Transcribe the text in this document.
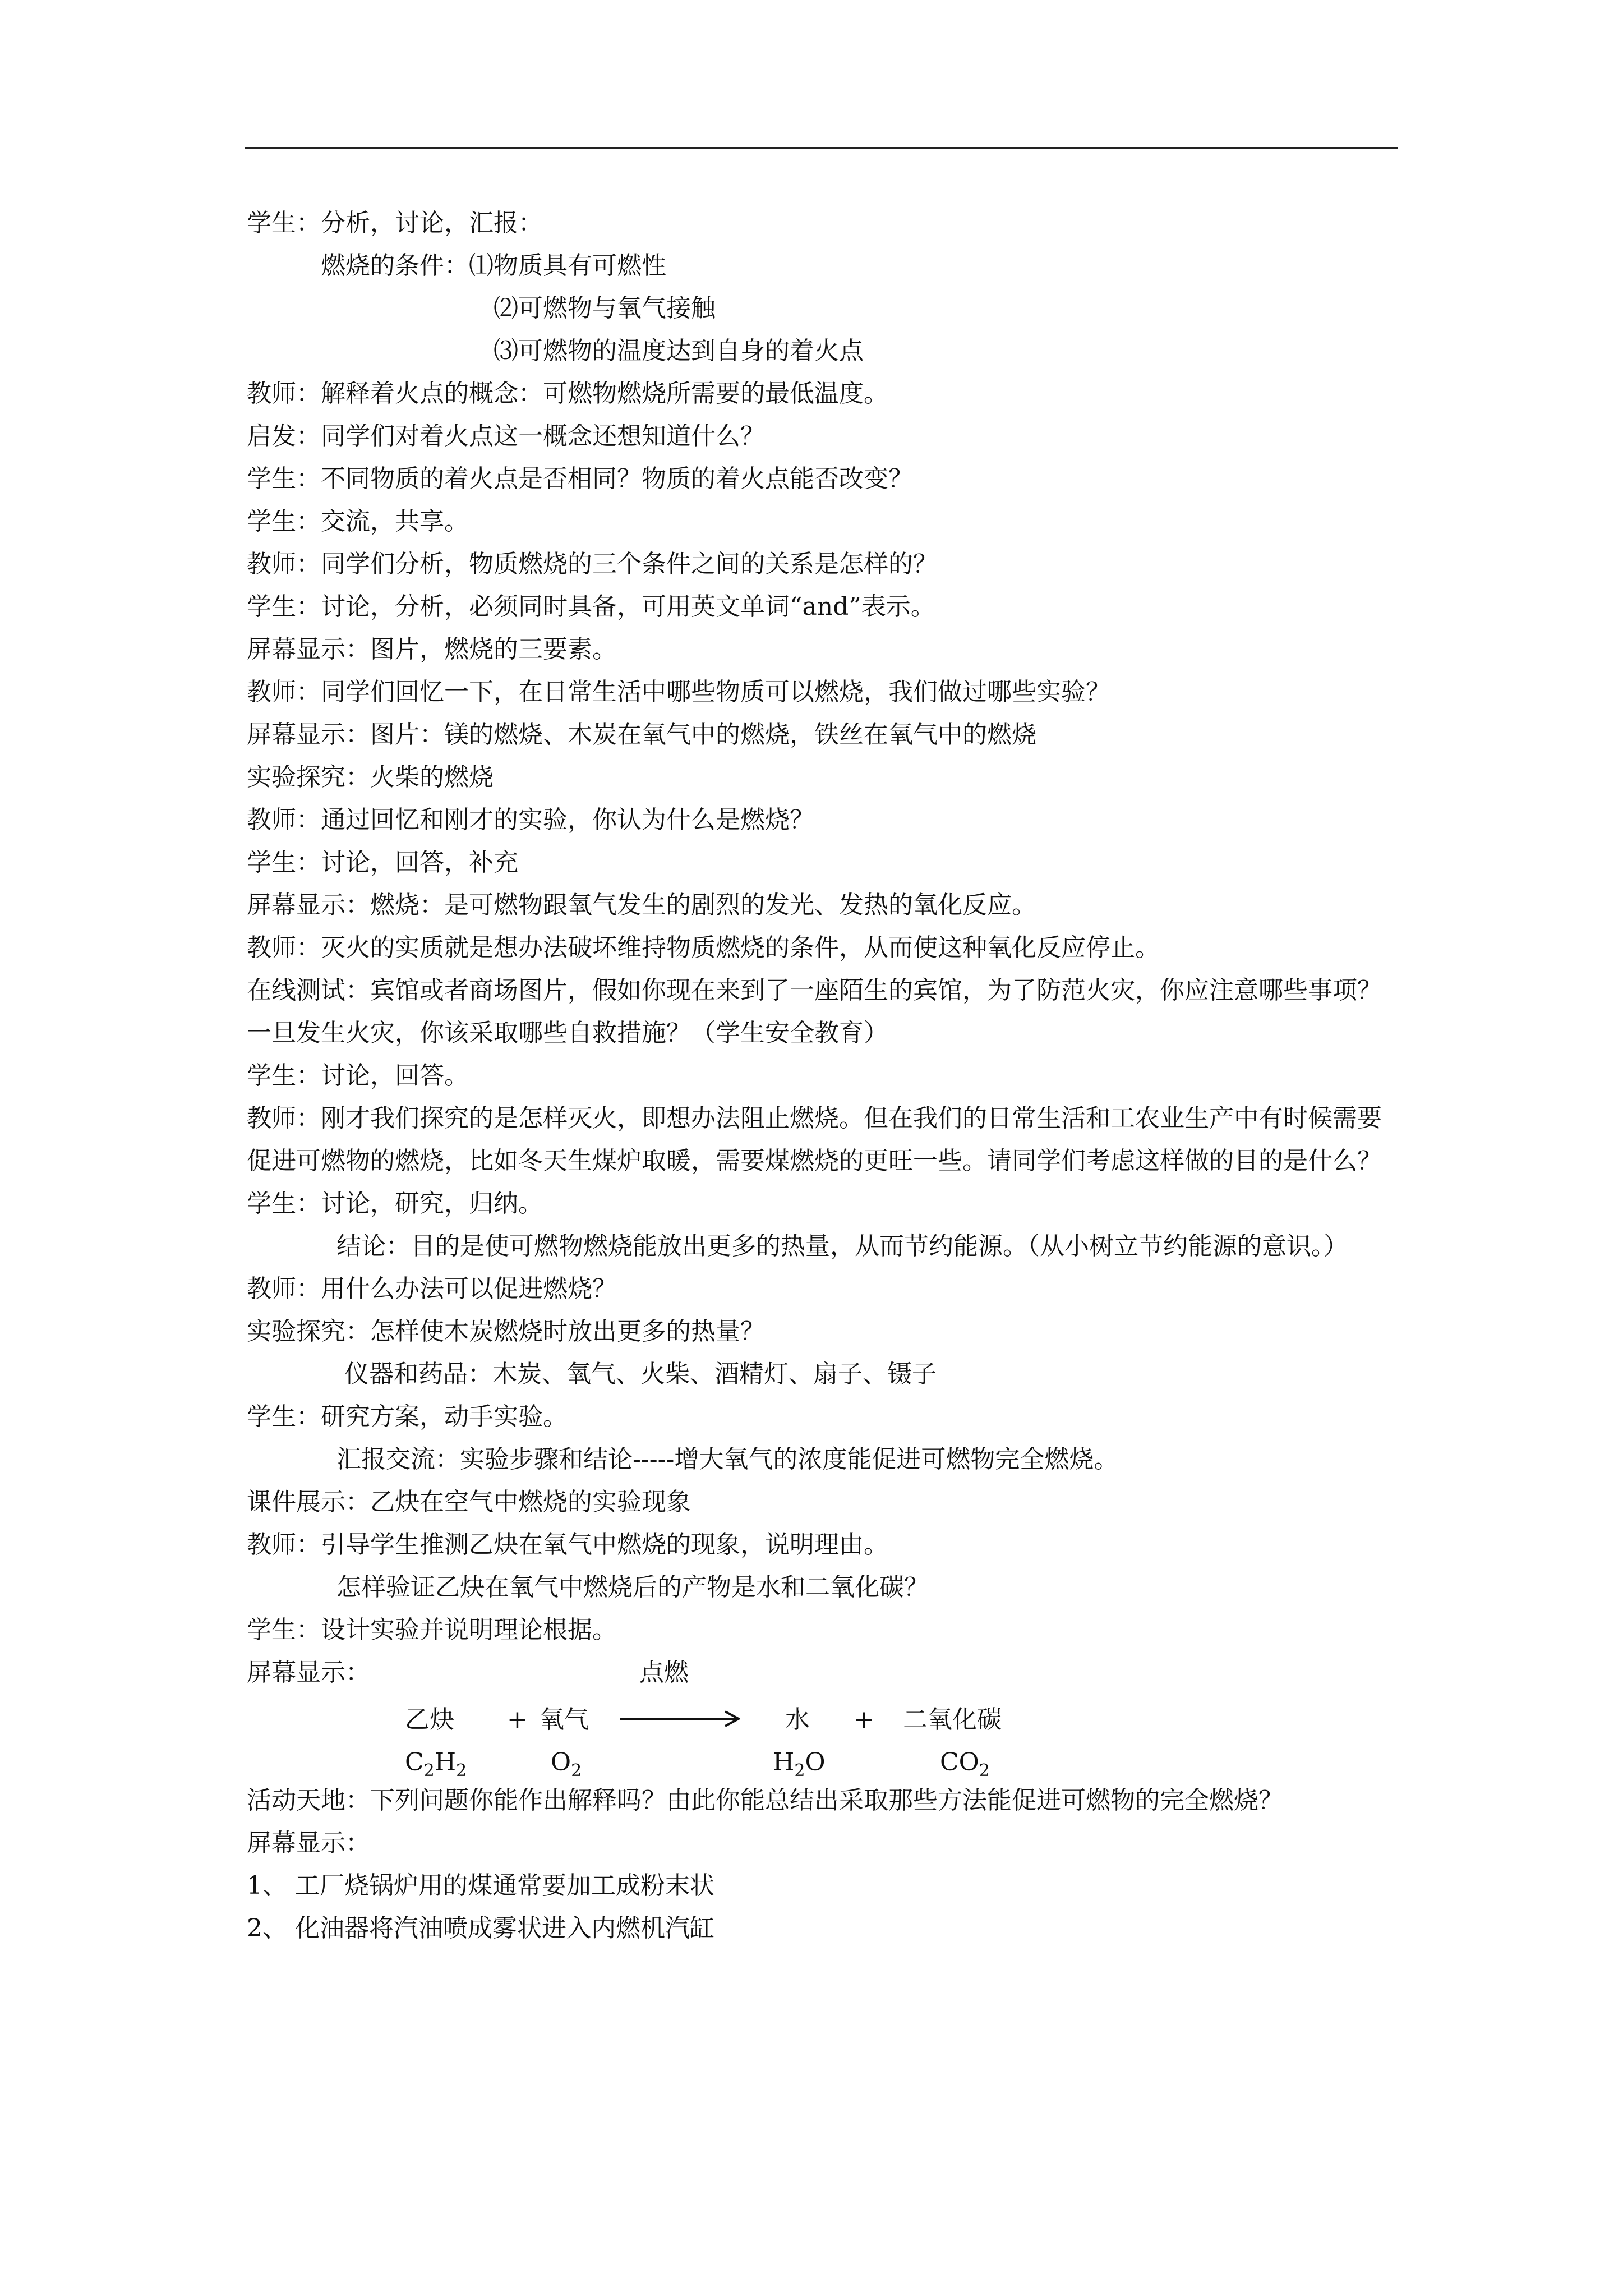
学生：分析，讨论，汇报：

燃烧的条件：⑴物质具有可燃性

⑵可燃物与氧气接触

⑶可燃物的温度达到自身的着火点

教师：解释着火点的概念：可燃物燃烧所需要的最低温度。

启发：同学们对着火点这一概念还想知道什么？

学生：不同物质的着火点是否相同？物质的着火点能否改变？

学生：交流，共享。

教师：同学们分析，物质燃烧的三个条件之间的关系是怎样的？

学生：讨论，分析，必须同时具备，可用英文单词“and”表示。

屏幕显示：图片，燃烧的三要素。

教师：同学们回忆一下，在日常生活中哪些物质可以燃烧，我们做过哪些实验？

屏幕显示：图片：镁的燃烧、木炭在氧气中的燃烧，铁丝在氧气中的燃烧

实验探究：火柴的燃烧

教师：通过回忆和刚才的实验，你认为什么是燃烧？

学生：讨论，回答，补充

屏幕显示：燃烧：是可燃物跟氧气发生的剧烈的发光、发热的氧化反应。

教师：灭火的实质就是想办法破坏维持物质燃烧的条件，从而使这种氧化反应停止。

在线测试：宾馆或者商场图片，假如你现在来到了一座陌生的宾馆，为了防范火灾，你应注意哪些事项？一旦发生火灾，你该采取哪些自救措施？（学生安全教育）

学生：讨论，回答。

教师：刚才我们探究的是怎样灭火，即想办法阻止燃烧。但在我们的日常生活和工农业生产中有时候需要促进可燃物的燃烧，比如冬天生煤炉取暖，需要煤燃烧的更旺一些。请同学们考虑这样做的目的是什么？

学生：讨论，研究，归纳。

结论：目的是使可燃物燃烧能放出更多的热量，从而节约能源。（从小树立节约能源的意识。）

教师：用什么办法可以促进燃烧？

实验探究：怎样使木炭燃烧时放出更多的热量？

仪器和药品：木炭、氧气、火柴、酒精灯、扇子、镊子

学生：研究方案，动手实验。

汇报交流：实验步骤和结论-----增大氧气的浓度能促进可燃物完全燃烧。

课件展示：乙炔在空气中燃烧的实验现象

教师：引导学生推测乙炔在氧气中燃烧的现象，说明理由。

怎样验证乙炔在氧气中燃烧后的产物是水和二氧化碳？

学生：设计实验并说明理论根据。

屏幕显示：	点燃
乙炔 + 氧气	水 + 二氧化碳
$C_2H_2$	$O_2$	$H_2O$	$CO_2$

活动天地：下列问题你能作出解释吗？由此你能总结出采取那些方法能促进可燃物的完全燃烧？

屏幕显示：

1、 工厂烧锅炉用的煤通常要加工成粉末状

2、 化油器将汽油喷成雾状进入内燃机汽缸
